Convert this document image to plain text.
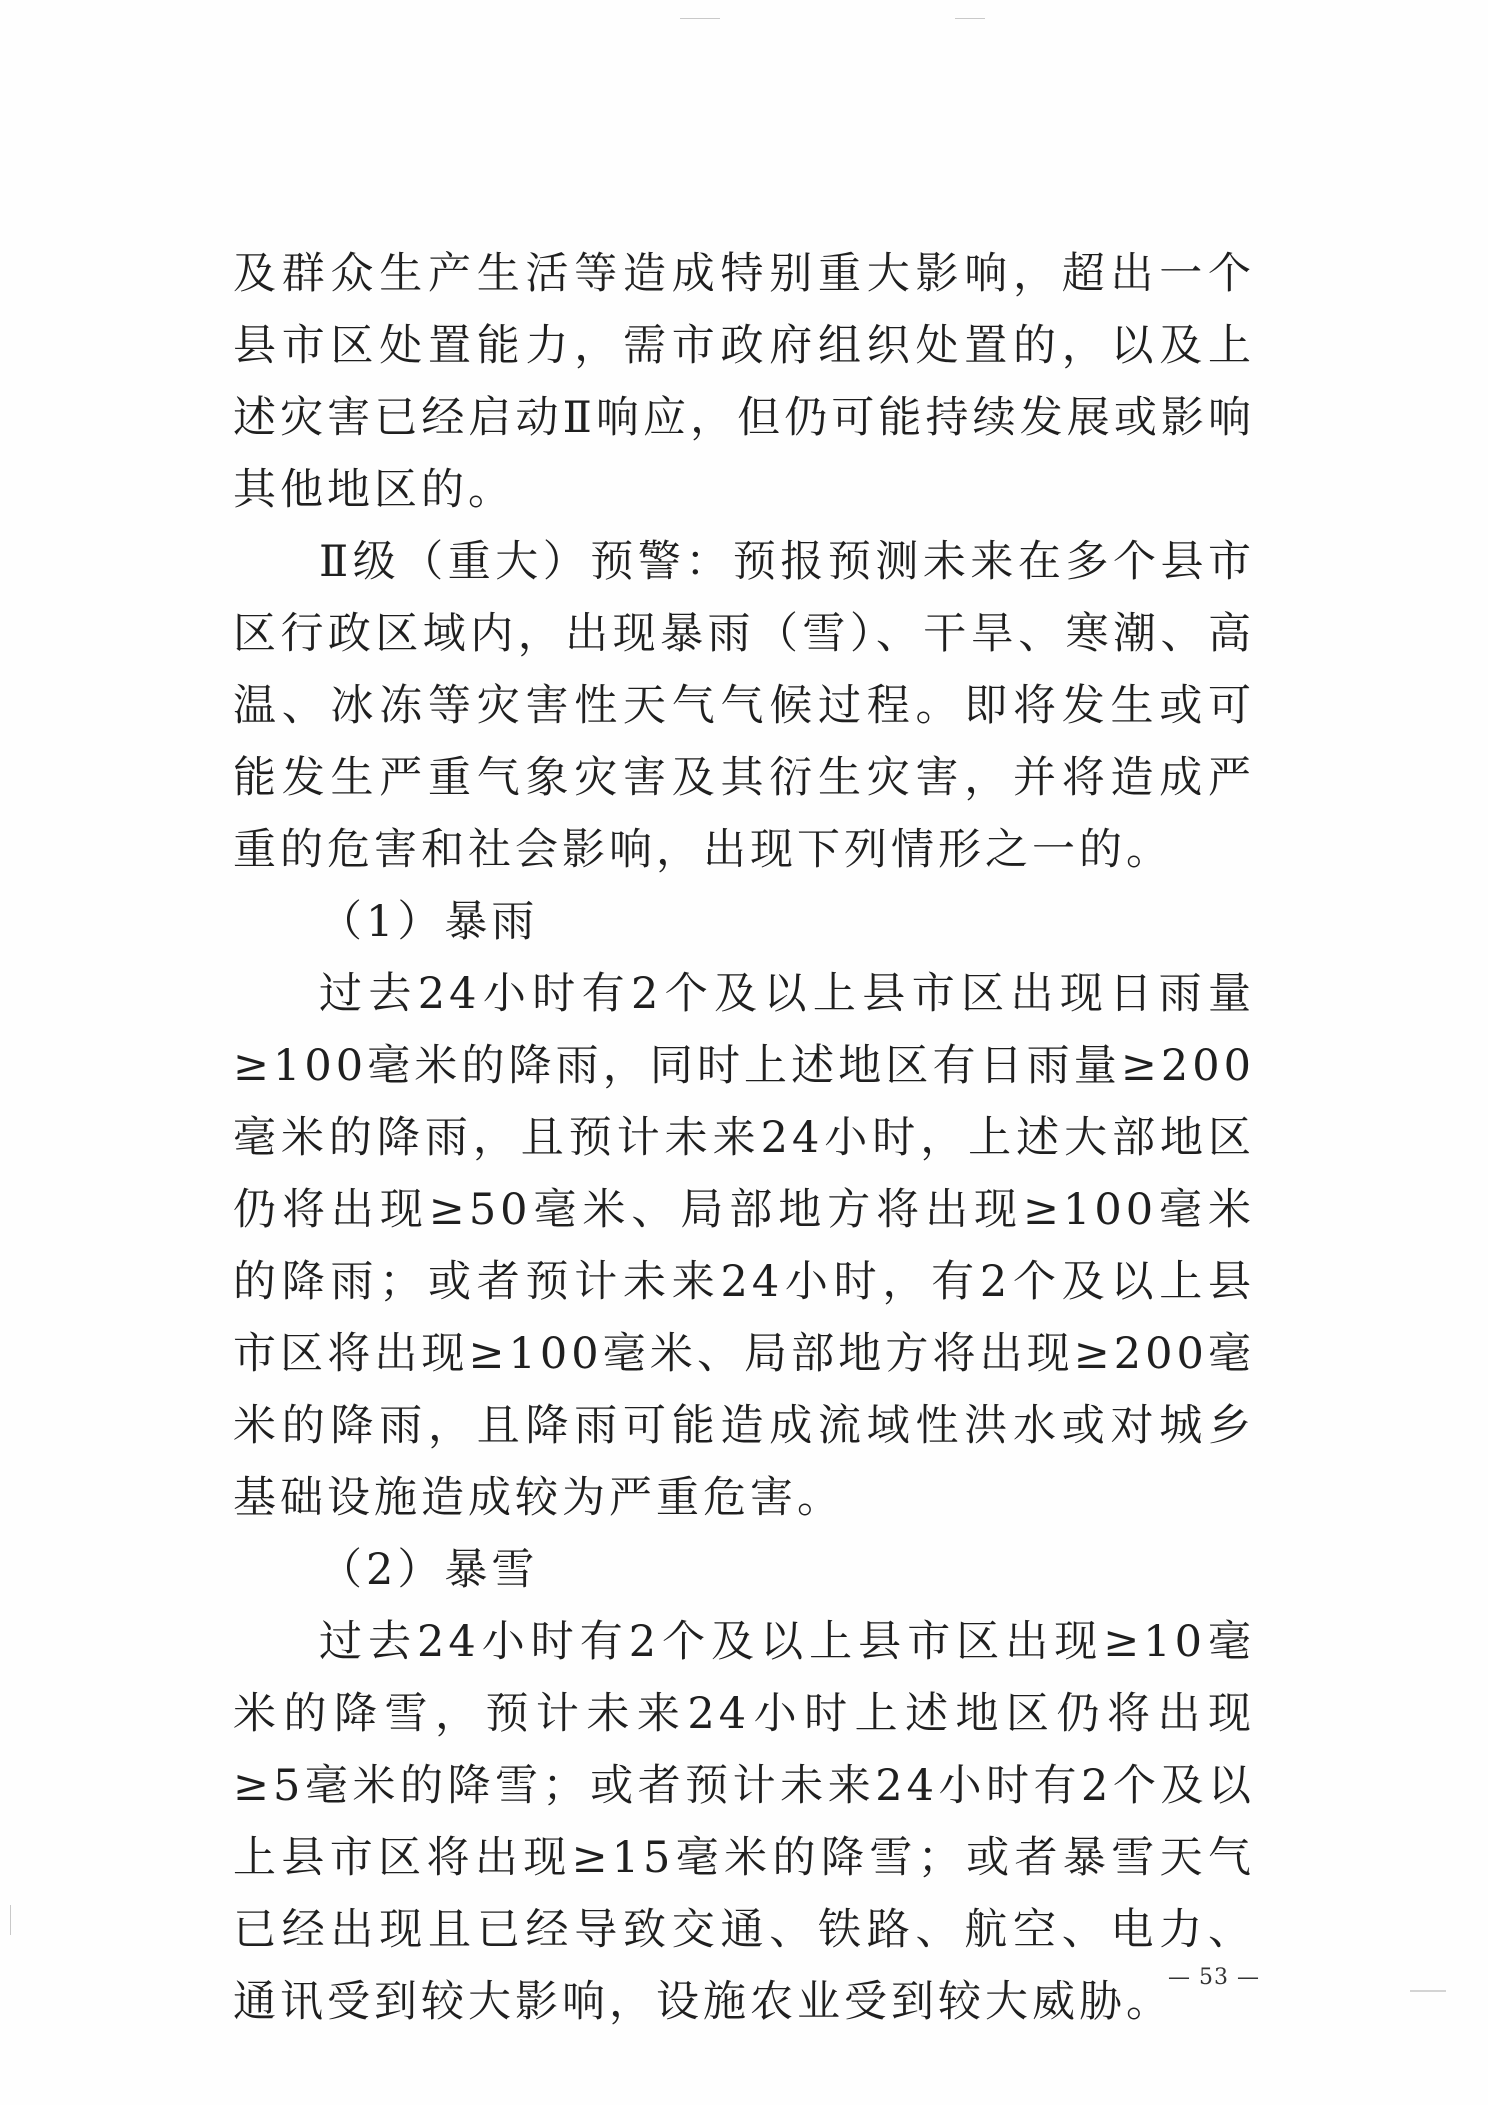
及群众生产生活等造成特别重大影响，超出一个县市区处置能力，需市政府组织处置的，以及上述灾害已经启动Ⅱ响应，但仍可能持续发展或影响其他地区的。

Ⅱ级（重大）预警：预报预测未来在多个县市区行政区域内，出现暴雨（雪）、干旱、寒潮、高温、冰冻等灾害性天气气候过程。即将发生或可能发生严重气象灾害及其衍生灾害，并将造成严重的危害和社会影响，出现下列情形之一的。

（1）暴雨

过去24小时有2个及以上县市区出现日雨量≥100毫米的降雨，同时上述地区有日雨量≥200毫米的降雨，且预计未来24小时，上述大部地区仍将出现≥50毫米、局部地方将出现≥100毫米的降雨；或者预计未来24小时，有2个及以上县市区将出现≥100毫米、局部地方将出现≥200毫米的降雨，且降雨可能造成流域性洪水或对城乡基础设施造成较为严重危害。

（2）暴雪

过去24小时有2个及以上县市区出现≥10毫米的降雪，预计未来24小时上述地区仍将出现≥5毫米的降雪；或者预计未来24小时有2个及以上县市区将出现≥15毫米的降雪；或者暴雪天气已经出现且已经导致交通、铁路、航空、电力、通讯受到较大影响，设施农业受到较大威胁。

— 53 —
